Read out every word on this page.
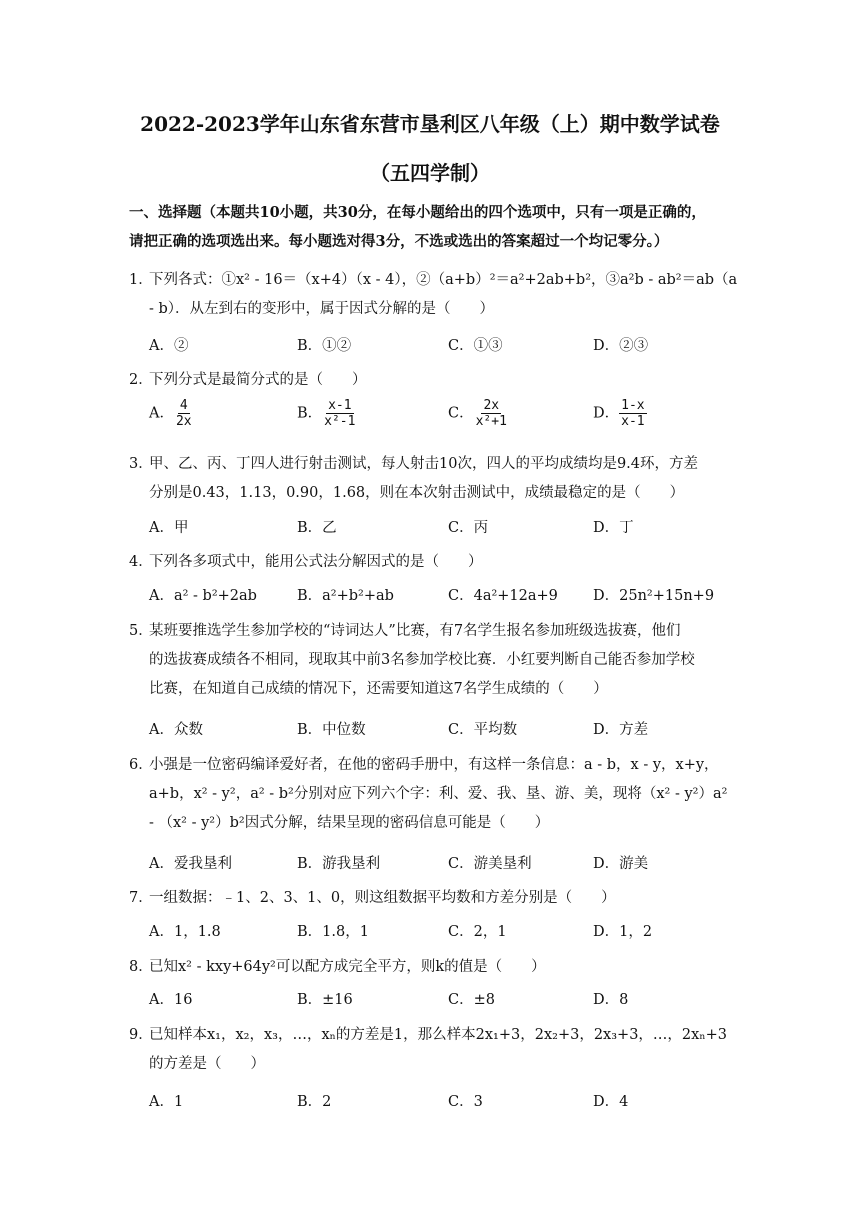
2022-2023学年山东省东营市垦利区八年级（上）期中数学试卷
（五四学制）
一、选择题（本题共10小题，共30分，在每小题给出的四个选项中，只有一项是正确的，
请把正确的选项选出来。每小题选对得3分，不选或选出的答案超过一个均记零分。）
1．下列各式：①x² - 16＝（x+4）（x - 4），②（a+b）²＝a²+2ab+b²，③a²b - ab²＝ab（a
- b）．从左到右的变形中，属于因式分解的是（　　）
A．②	B．①②	C．①③	D．②③
2．下列分式是最简分式的是（　　）
A． $\frac{4}{2x}$	B． $\frac{x-1}{\text{x²-1}}$	C． $\frac{2x}{\text{x²+1}}$	D． $\frac{1-x}{x-1}$
3．甲、乙、丙、丁四人进行射击测试，每人射击10次，四人的平均成绩均是9.4环，方差
分别是0.43，1.13，0.90，1.68，则在本次射击测试中，成绩最稳定的是（　　）
A．甲	B．乙	C．丙	D．丁
4．下列各多项式中，能用公式法分解因式的是（　　）
A．a² - b²+2ab	B．a²+b²+ab	C．4a²+12a+9 D．25n²+15n+9
5．某班要推选学生参加学校的“诗词达人”比赛，有7名学生报名参加班级选拔赛，他们
的选拔赛成绩各不相同，现取其中前3名参加学校比赛．小红要判断自己能否参加学校
比赛，在知道自己成绩的情况下，还需要知道这7名学生成绩的（　　）
A．众数	B．中位数	C．平均数	D．方差
6．小强是一位密码编译爱好者，在他的密码手册中，有这样一条信息：a - b，x - y，x+y，
a+b，x² - y²，a² - b²分别对应下列六个字：利、爱、我、垦、游、美，现将（x² - y²）a²
- （x² - y²）b²因式分解，结果呈现的密码信息可能是（　　）
A．爱我垦利	B．游我垦利	C．游美垦利	D．游美
7．一组数据：﹣1、2、3、1、0，则这组数据平均数和方差分别是（　　）
A．1，1.8	B．1.8，1	C．2，1	D．1，2
8．已知x² - kxy+64y²可以配方成完全平方，则k的值是（　　）
A．16	B．±16	C．±8	D．8
9．已知样本x₁，x₂，x₃，…，xₙ的方差是1，那么样本2x₁+3，2x₂+3，2x₃+3，…，2xₙ+3
的方差是（　　）
A．1	B．2	C．3	D．4
